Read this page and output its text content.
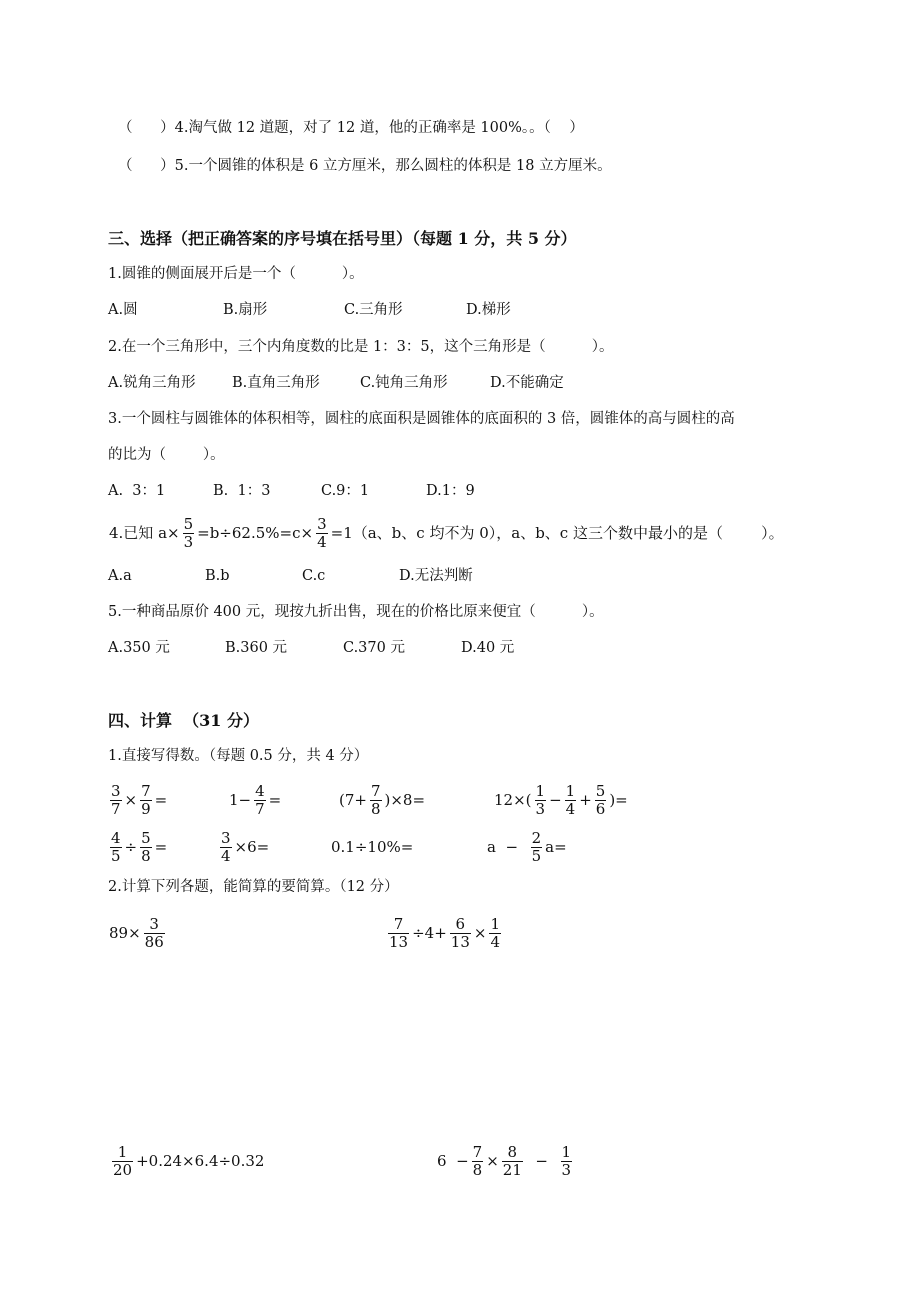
（      ）4.淘气做 12 道题，对了 12 道，他的正确率是 100%。。（    ）
（      ）5.一个圆锥的体积是 6 立方厘米，那么圆柱的体积是 18 立方厘米。
三、选择（把正确答案的序号填在括号里）（每题 1 分，共 5 分）
1.圆锥的侧面展开后是一个（          ）。
A.圆	B.扇形	C.三角形	D.梯形
2.在一个三角形中，三个内角度数的比是 1：3：5，这个三角形是（          ）。
A.锐角三角形	B.直角三角形	C.钝角三角形	D.不能确定
3.一个圆柱与圆锥体的体积相等，圆柱的底面积是圆锥体的底面积的 3 倍，圆锥体的高与圆柱的高
的比为（        ）。
A.  3：1	B.  1：3	C.9：1	D.1：9
4.已知 $a\times \frac{5}{3} =b\div 62.5\%=c\times \frac{3}{4} =1(a$、b、c 均不为 0），a、b、c 这三个数中最小的是（        ）。
A.a	B.b	C.c	D.无法判断
5.一种商品原价 400 元，现按九折出售，现在的价格比原来便宜（          ）。
A.350 元	B.360 元	C.370 元	D.40 元
四、计算  （31 分）
1.直接写得数。（每题 0.5 分，共 4 分）
$\frac{3}{7} \times \frac{7}{9}$ =	$1- \frac{4}{7}$ =	$(7+ \frac{7}{8} )\times 8=$	$12\times( \frac{1}{3} - \frac{1}{4} + \frac{5}{6}$ )=
$\frac{4}{5} \div \frac{5}{8}$ =	$\frac{3}{4} \times 6=$	0.1÷10%=	$a - \frac{2}{5} a=$
2.计算下列各题，能简算的要简算。（12 分）
$89\times \frac{3}{86}$	$\frac{7}{13} \div 4+ \frac{6}{13} \times \frac{1}{4}$
$\frac{1}{20} +0.24\times 6.4\div 0.32$	$6 - \frac{7}{8} \times \frac{8}{21} - \frac{1}{3}$
